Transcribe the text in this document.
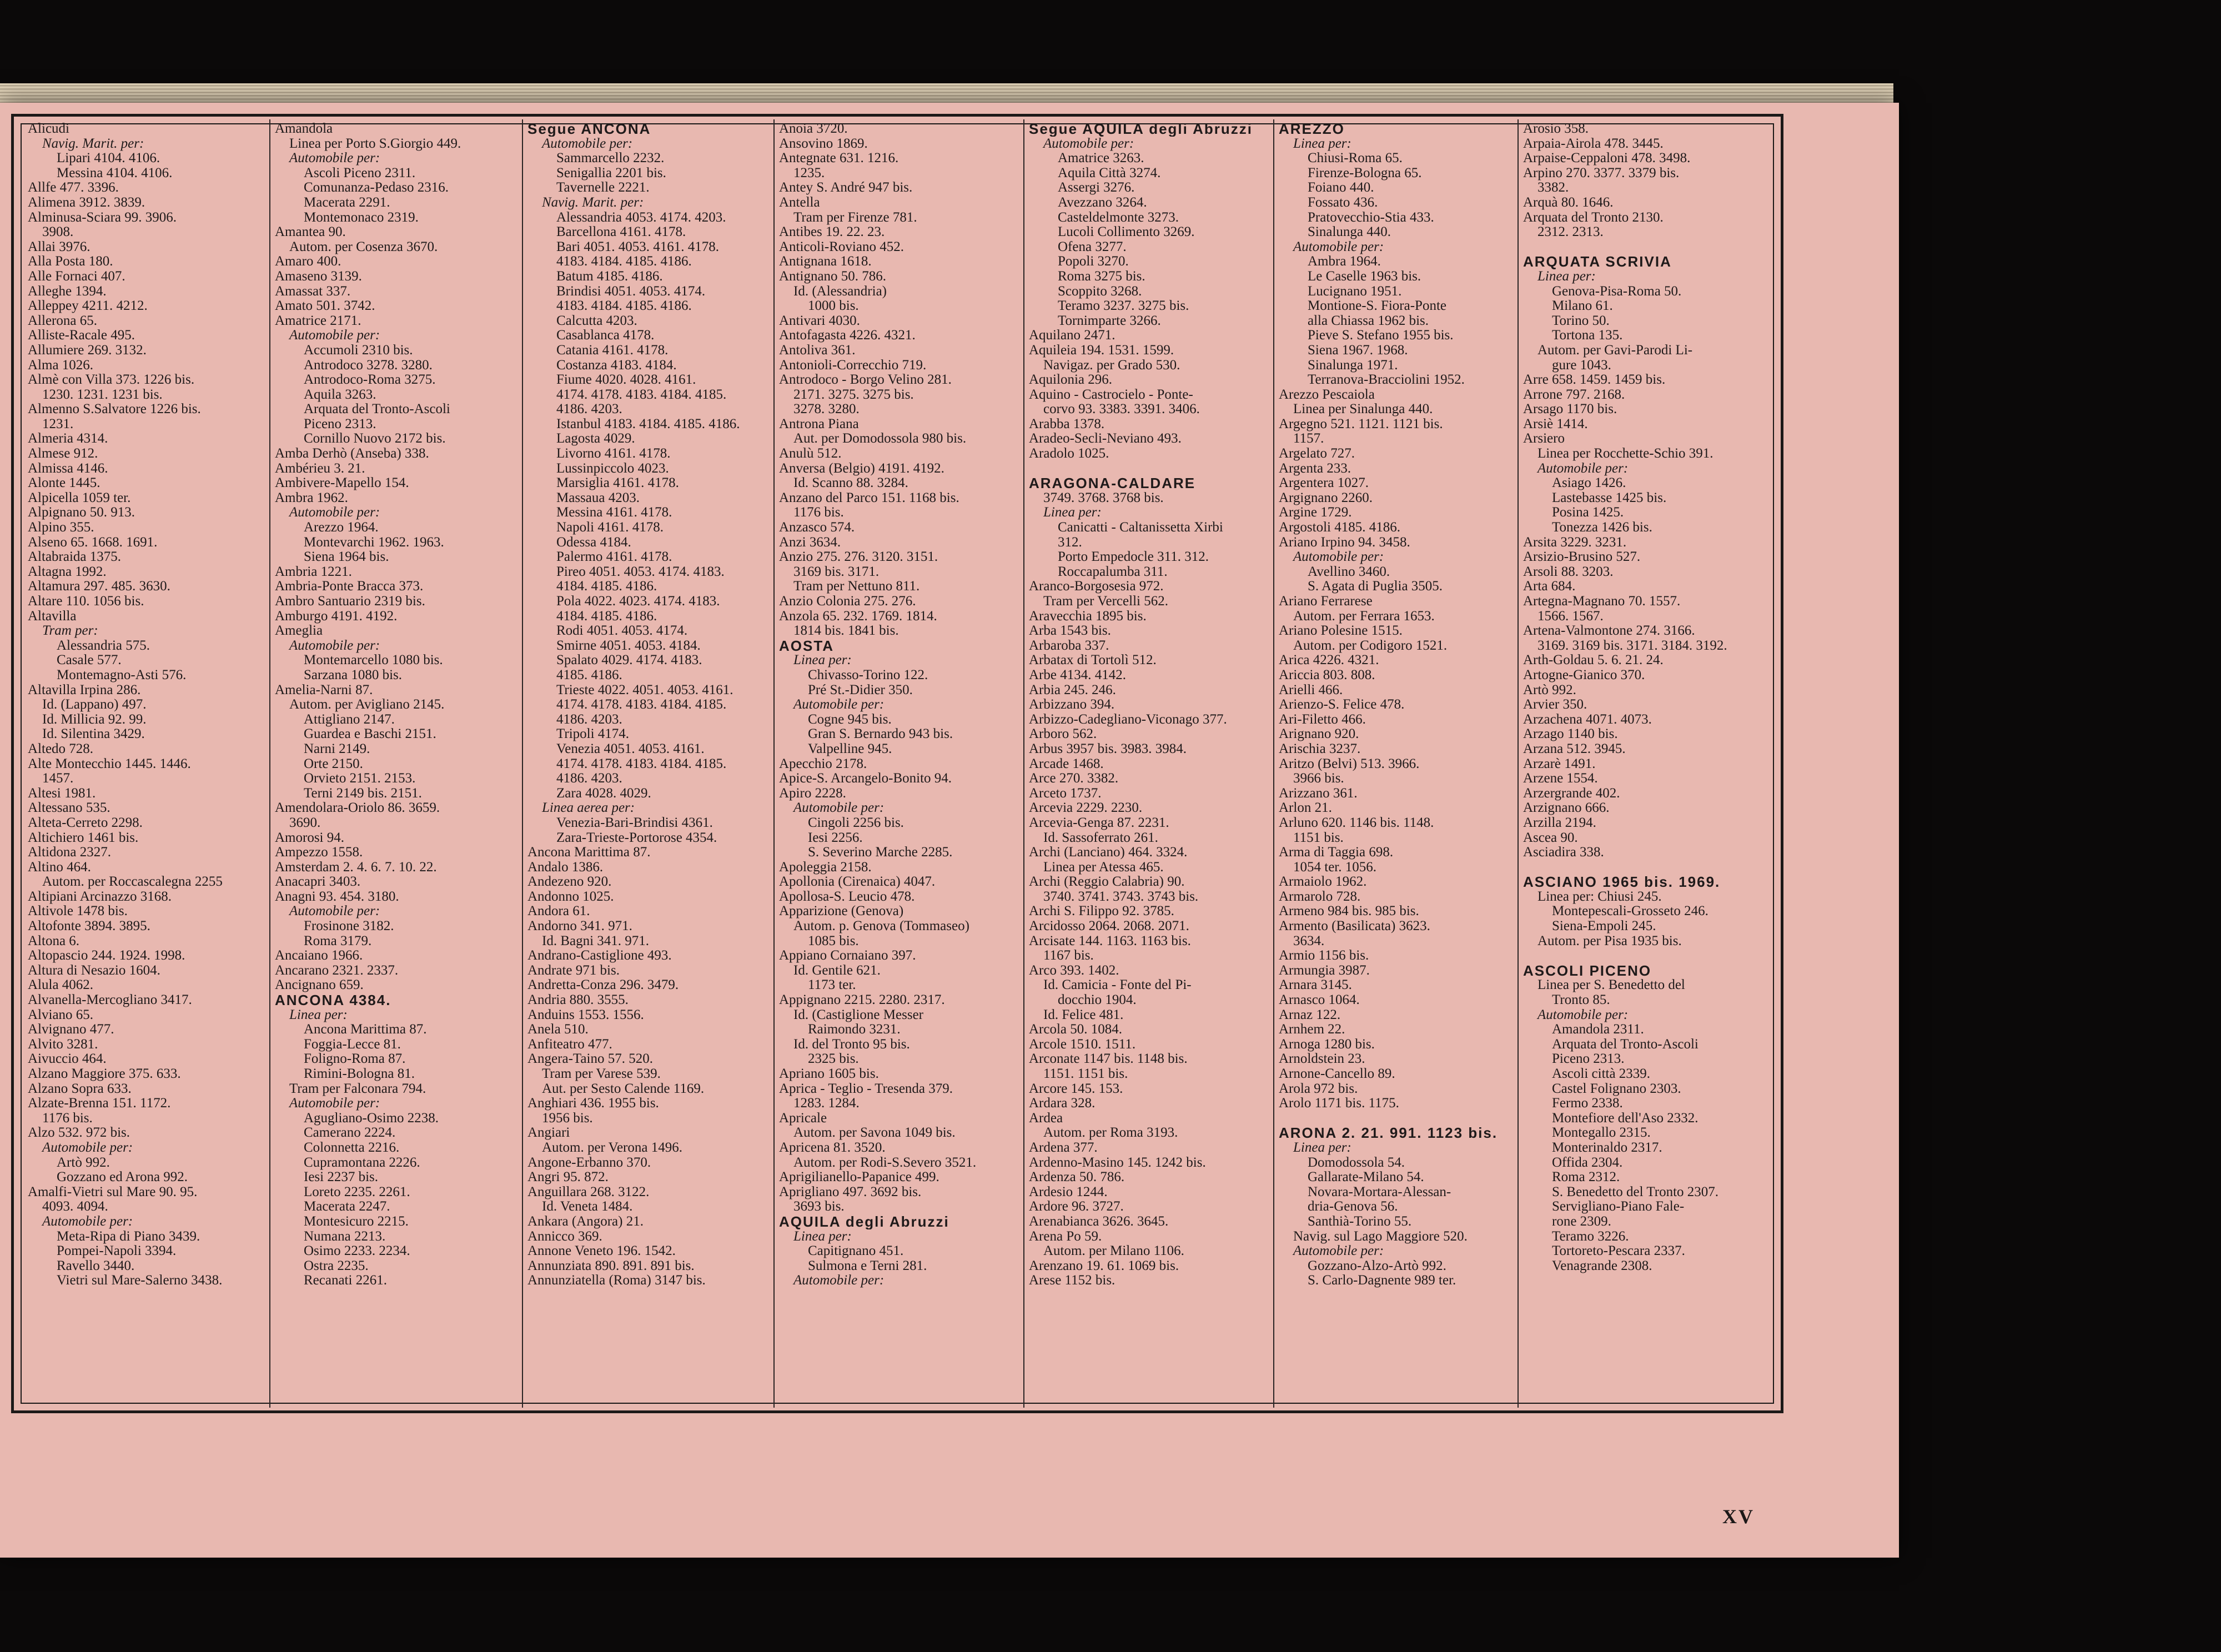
Alicudi
Navig. Marit. per:
Lipari 4104. 4106.
Messina 4104. 4106.
Allfe 477. 3396.
Alimena 3912. 3839.
Alminusa-Sciara 99. 3906.
3908.
Allai 3976.
Alla Posta 180.
Alle Fornaci 407.
Alleghe 1394.
Alleppey 4211. 4212.
Allerona 65.
Alliste-Racale 495.
Allumiere 269. 3132.
Alma 1026.
Almè con Villa 373. 1226 bis.
1230. 1231. 1231 bis.
Almenno S.Salvatore 1226 bis.
1231.
Almeria 4314.
Almese 912.
Almissa 4146.
Alonte 1445.
Alpicella 1059 ter.
Alpignano 50. 913.
Alpino 355.
Alseno 65. 1668. 1691.
Altabraida 1375.
Altagna 1992.
Altamura 297. 485. 3630.
Altare 110. 1056 bis.
Altavilla
Tram per:
Alessandria 575.
Casale 577.
Montemagno-Asti 576.
Altavilla Irpina 286.
Id. (Lappano) 497.
Id. Millicia 92. 99.
Id. Silentina 3429.
Altedo 728.
Alte Montecchio 1445. 1446.
1457.
Altesi 1981.
Altessano 535.
Alteta-Cerreto 2298.
Altichiero 1461 bis.
Altidona 2327.
Altino 464.
Autom. per Roccascalegna 2255
Altipiani Arcinazzo 3168.
Altivole 1478 bis.
Altofonte 3894. 3895.
Altona 6.
Altopascio 244. 1924. 1998.
Altura di Nesazio 1604.
Alula 4062.
Alvanella-Mercogliano 3417.
Alviano 65.
Alvignano 477.
Alvito 3281.
Aivuccio 464.
Alzano Maggiore 375. 633.
Alzano Sopra 633.
Alzate-Brenna 151. 1172.
1176 bis.
Alzo 532. 972 bis.
Automobile per:
Artò 992.
Gozzano ed Arona 992.
Amalfi-Vietri sul Mare 90. 95.
4093. 4094.
Automobile per:
Meta-Ripa di Piano 3439.
Pompei-Napoli 3394.
Ravello 3440.
Vietri sul Mare-Salerno 3438.
Amandola
Linea per Porto S.Giorgio 449.
Automobile per:
Ascoli Piceno 2311.
Comunanza-Pedaso 2316.
Macerata 2291.
Montemonaco 2319.
Amantea 90.
Autom. per Cosenza 3670.
Amaro 400.
Amaseno 3139.
Amassat 337.
Amato 501. 3742.
Amatrice 2171.
Automobile per:
Accumoli 2310 bis.
Antrodoco 3278. 3280.
Antrodoco-Roma 3275.
Aquila 3263.
Arquata del Tronto-Ascoli
Piceno 2313.
Cornillo Nuovo 2172 bis.
Amba Derhò (Anseba) 338.
Ambérieu 3. 21.
Ambivere-Mapello 154.
Ambra 1962.
Automobile per:
Arezzo 1964.
Montevarchi 1962. 1963.
Siena 1964 bis.
Ambria 1221.
Ambria-Ponte Bracca 373.
Ambro Santuario 2319 bis.
Amburgo 4191. 4192.
Ameglia
Automobile per:
Montemarcello 1080 bis.
Sarzana 1080 bis.
Amelia-Narni 87.
Autom. per Avigliano 2145.
Attigliano 2147.
Guardea e Baschi 2151.
Narni 2149.
Orte 2150.
Orvieto 2151. 2153.
Terni 2149 bis. 2151.
Amendolara-Oriolo 86. 3659.
3690.
Amorosi 94.
Ampezzo 1558.
Amsterdam 2. 4. 6. 7. 10. 22.
Anacapri 3403.
Anagni 93. 454. 3180.
Automobile per:
Frosinone 3182.
Roma 3179.
Ancaiano 1966.
Ancarano 2321. 2337.
Ancignano 659.
ANCONA 4384.
Linea per:
Ancona Marittima 87.
Foggia-Lecce 81.
Foligno-Roma 87.
Rimini-Bologna 81.
Tram per Falconara 794.
Automobile per:
Agugliano-Osimo 2238.
Camerano 2224.
Colonnetta 2216.
Cupramontana 2226.
Iesi 2237 bis.
Loreto 2235. 2261.
Macerata 2247.
Montesicuro 2215.
Numana 2213.
Osimo 2233. 2234.
Ostra 2235.
Recanati 2261.
Segue ANCONA
Automobile per:
Sammarcello 2232.
Senigallia 2201 bis.
Tavernelle 2221.
Navig. Marit. per:
Alessandria 4053. 4174. 4203.
Barcellona 4161. 4178.
Bari 4051. 4053. 4161. 4178.
4183. 4184. 4185. 4186.
Batum 4185. 4186.
Brindisi 4051. 4053. 4174.
4183. 4184. 4185. 4186.
Calcutta 4203.
Casablanca 4178.
Catania 4161. 4178.
Costanza 4183. 4184.
Fiume 4020. 4028. 4161.
4174. 4178. 4183. 4184. 4185.
4186. 4203.
Istanbul 4183. 4184. 4185. 4186.
Lagosta 4029.
Livorno 4161. 4178.
Lussinpiccolo 4023.
Marsiglia 4161. 4178.
Massaua 4203.
Messina 4161. 4178.
Napoli 4161. 4178.
Odessa 4184.
Palermo 4161. 4178.
Pireo 4051. 4053. 4174. 4183.
4184. 4185. 4186.
Pola 4022. 4023. 4174. 4183.
4184. 4185. 4186.
Rodi 4051. 4053. 4174.
Smirne 4051. 4053. 4184.
Spalato 4029. 4174. 4183.
4185. 4186.
Trieste 4022. 4051. 4053. 4161.
4174. 4178. 4183. 4184. 4185.
4186. 4203.
Tripoli 4174.
Venezia 4051. 4053. 4161.
4174. 4178. 4183. 4184. 4185.
4186. 4203.
Zara 4028. 4029.
Linea aerea per:
Venezia-Bari-Brindisi 4361.
Zara-Trieste-Portorose 4354.
Ancona Marittima 87.
Andalo 1386.
Andezeno 920.
Andonno 1025.
Andora 61.
Andorno 341. 971.
Id. Bagni 341. 971.
Andrano-Castiglione 493.
Andrate 971 bis.
Andretta-Conza 296. 3479.
Andria 880. 3555.
Anduins 1553. 1556.
Anela 510.
Anfiteatro 477.
Angera-Taino 57. 520.
Tram per Varese 539.
Aut. per Sesto Calende 1169.
Anghiari 436. 1955 bis.
1956 bis.
Angiari
Autom. per Verona 1496.
Angone-Erbanno 370.
Angri 95. 872.
Anguillara 268. 3122.
Id. Veneta 1484.
Ankara (Angora) 21.
Annicco 369.
Annone Veneto 196. 1542.
Annunziata 890. 891. 891 bis.
Annunziatella (Roma) 3147 bis.
Anoia 3720.
Ansovino 1869.
Antegnate 631. 1216.
1235.
Antey S. André 947 bis.
Antella
Tram per Firenze 781.
Antibes 19. 22. 23.
Anticoli-Roviano 452.
Antignana 1618.
Antignano 50. 786.
Id. (Alessandria)
1000 bis.
Antivari 4030.
Antofagasta 4226. 4321.
Antoliva 361.
Antonioli-Correcchio 719.
Antrodoco - Borgo Velino 281.
2171. 3275. 3275 bis.
3278. 3280.
Antrona Piana
Aut. per Domodossola 980 bis.
Anulù 512.
Anversa (Belgio) 4191. 4192.
Id. Scanno 88. 3284.
Anzano del Parco 151. 1168 bis.
1176 bis.
Anzasco 574.
Anzi 3634.
Anzio 275. 276. 3120. 3151.
3169 bis. 3171.
Tram per Nettuno 811.
Anzio Colonia 275. 276.
Anzola 65. 232. 1769. 1814.
1814 bis. 1841 bis.
AOSTA
Linea per:
Chivasso-Torino 122.
Pré St.-Didier 350.
Automobile per:
Cogne 945 bis.
Gran S. Bernardo 943 bis.
Valpelline 945.
Apecchio 2178.
Apice-S. Arcangelo-Bonito 94.
Apiro 2228.
Automobile per:
Cingoli 2256 bis.
Iesi 2256.
S. Severino Marche 2285.
Apoleggia 2158.
Apollonia (Cirenaica) 4047.
Apollosa-S. Leucio 478.
Apparizione (Genova)
Autom. p. Genova (Tommaseo)
1085 bis.
Appiano Cornaiano 397.
Id. Gentile 621.
1173 ter.
Appignano 2215. 2280. 2317.
Id. (Castiglione Messer
Raimondo 3231.
Id. del Tronto 95 bis.
2325 bis.
Apriano 1605 bis.
Aprica - Teglio - Tresenda 379.
1283. 1284.
Apricale
Autom. per Savona 1049 bis.
Apricena 81. 3520.
Autom. per Rodi-S.Severo 3521.
Aprigilianello-Papanice 499.
Aprigliano 497. 3692 bis.
3693 bis.
AQUILA degli Abruzzi
Linea per:
Capitignano 451.
Sulmona e Terni 281.
Automobile per:
Segue AQUILA degli Abruzzi
Automobile per:
Amatrice 3263.
Aquila Città 3274.
Assergi 3276.
Avezzano 3264.
Casteldelmonte 3273.
Lucoli Collimento 3269.
Ofena 3277.
Popoli 3270.
Roma 3275 bis.
Scoppito 3268.
Teramo 3237. 3275 bis.
Tornimparte 3266.
Aquilano 2471.
Aquileia 194. 1531. 1599.
Navigaz. per Grado 530.
Aquilonia 296.
Aquino - Castrocielo - Ponte-
corvo 93. 3383. 3391. 3406.
Arabba 1378.
Aradeo-Secli-Neviano 493.
Aradolo 1025.

ARAGONA-CALDARE
3749. 3768. 3768 bis.
Linea per:
Canicatti - Caltanissetta Xirbi
312.
Porto Empedocle 311. 312.
Roccapalumba 311.
Aranco-Borgosesia 972.
Tram per Vercelli 562.
Aravecchia 1895 bis.
Arba 1543 bis.
Arbaroba 337.
Arbatax di Tortolì 512.
Arbe 4134. 4142.
Arbia 245. 246.
Arbizzano 394.
Arbizzo-Cadegliano-Viconago 377.
Arboro 562.
Arbus 3957 bis. 3983. 3984.
Arcade 1468.
Arce 270. 3382.
Arceto 1737.
Arcevia 2229. 2230.
Arcevia-Genga 87. 2231.
Id. Sassoferrato 261.
Archi (Lanciano) 464. 3324.
Linea per Atessa 465.
Archi (Reggio Calabria) 90.
3740. 3741. 3743. 3743 bis.
Archi S. Filippo 92. 3785.
Arcidosso 2064. 2068. 2071.
Arcisate 144. 1163. 1163 bis.
1167 bis.
Arco 393. 1402.
Id. Camicia - Fonte del Pi-
docchio 1904.
Id. Felice 481.
Arcola 50. 1084.
Arcole 1510. 1511.
Arconate 1147 bis. 1148 bis.
1151. 1151 bis.
Arcore 145. 153.
Ardara 328.
Ardea
Autom. per Roma 3193.
Ardena 377.
Ardenno-Masino 145. 1242 bis.
Ardenza 50. 786.
Ardesio 1244.
Ardore 96. 3727.
Arenabianca 3626. 3645.
Arena Po 59.
Autom. per Milano 1106.
Arenzano 19. 61. 1069 bis.
Arese 1152 bis.
AREZZO
Linea per:
Chiusi-Roma 65.
Firenze-Bologna 65.
Foiano 440.
Fossato 436.
Pratovecchio-Stia 433.
Sinalunga 440.
Automobile per:
Ambra 1964.
Le Caselle 1963 bis.
Lucignano 1951.
Montione-S. Fiora-Ponte
alla Chiassa 1962 bis.
Pieve S. Stefano 1955 bis.
Siena 1967. 1968.
Sinalunga 1971.
Terranova-Bracciolini 1952.
Arezzo Pescaiola
Linea per Sinalunga 440.
Argegno 521. 1121. 1121 bis.
1157.
Argelato 727.
Argenta 233.
Argentera 1027.
Argignano 2260.
Argine 1729.
Argostoli 4185. 4186.
Ariano Irpino 94. 3458.
Automobile per:
Avellino 3460.
S. Agata di Puglia 3505.
Ariano Ferrarese
Autom. per Ferrara 1653.
Ariano Polesine 1515.
Autom. per Codigoro 1521.
Arica 4226. 4321.
Ariccia 803. 808.
Arielli 466.
Arienzo-S. Felice 478.
Ari-Filetto 466.
Arignano 920.
Arischia 3237.
Aritzo (Belvi) 513. 3966.
3966 bis.
Arizzano 361.
Arlon 21.
Arluno 620. 1146 bis. 1148.
1151 bis.
Arma di Taggia 698.
1054 ter. 1056.
Armaiolo 1962.
Armarolo 728.
Armeno 984 bis. 985 bis.
Armento (Basilicata) 3623.
3634.
Armio 1156 bis.
Armungia 3987.
Arnara 3145.
Arnasco 1064.
Arnaz 122.
Arnhem 22.
Arnoga 1280 bis.
Arnoldstein 23.
Arnone-Cancello 89.
Arola 972 bis.
Arolo 1171 bis. 1175.

ARONA 2. 21. 991. 1123 bis.
Linea per:
Domodossola 54.
Gallarate-Milano 54.
Novara-Mortara-Alessan-
dria-Genova 56.
Santhià-Torino 55.
Navig. sul Lago Maggiore 520.
Automobile per:
Gozzano-Alzo-Artò 992.
S. Carlo-Dagnente 989 ter.
Arosio 358.
Arpaia-Airola 478. 3445.
Arpaise-Ceppaloni 478. 3498.
Arpino 270. 3377. 3379 bis.
3382.
Arquà 80. 1646.
Arquata del Tronto 2130.
2312. 2313.

ARQUATA SCRIVIA
Linea per:
Genova-Pisa-Roma 50.
Milano 61.
Torino 50.
Tortona 135.
Autom. per Gavi-Parodi Li-
gure 1043.
Arre 658. 1459. 1459 bis.
Arrone 797. 2168.
Arsago 1170 bis.
Arsiè 1414.
Arsiero
Linea per Rocchette-Schio 391.
Automobile per:
Asiago 1426.
Lastebasse 1425 bis.
Posina 1425.
Tonezza 1426 bis.
Arsita 3229. 3231.
Arsizio-Brusino 527.
Arsoli 88. 3203.
Arta 684.
Artegna-Magnano 70. 1557.
1566. 1567.
Artena-Valmontone 274. 3166.
3169. 3169 bis. 3171. 3184. 3192.
Arth-Goldau 5. 6. 21. 24.
Artogne-Gianico 370.
Artò 992.
Arvier 350.
Arzachena 4071. 4073.
Arzago 1140 bis.
Arzana 512. 3945.
Arzarè 1491.
Arzene 1554.
Arzergrande 402.
Arzignano 666.
Arzilla 2194.
Ascea 90.
Asciadira 338.

ASCIANO 1965 bis. 1969.
Linea per: Chiusi 245.
Montepescali-Grosseto 246.
Siena-Empoli 245.
Autom. per Pisa 1935 bis.

ASCOLI PICENO
Linea per S. Benedetto del
Tronto 85.
Automobile per:
Amandola 2311.
Arquata del Tronto-Ascoli
Piceno 2313.
Ascoli città 2339.
Castel Folignano 2303.
Fermo 2338.
Montefiore dell'Aso 2332.
Montegallo 2315.
Monterinaldo 2317.
Offida 2304.
Roma 2312.
S. Benedetto del Tronto 2307.
Servigliano-Piano Fale-
rone 2309.
Teramo 3226.
Tortoreto-Pescara 2337.
Venagrande 2308.
XV
